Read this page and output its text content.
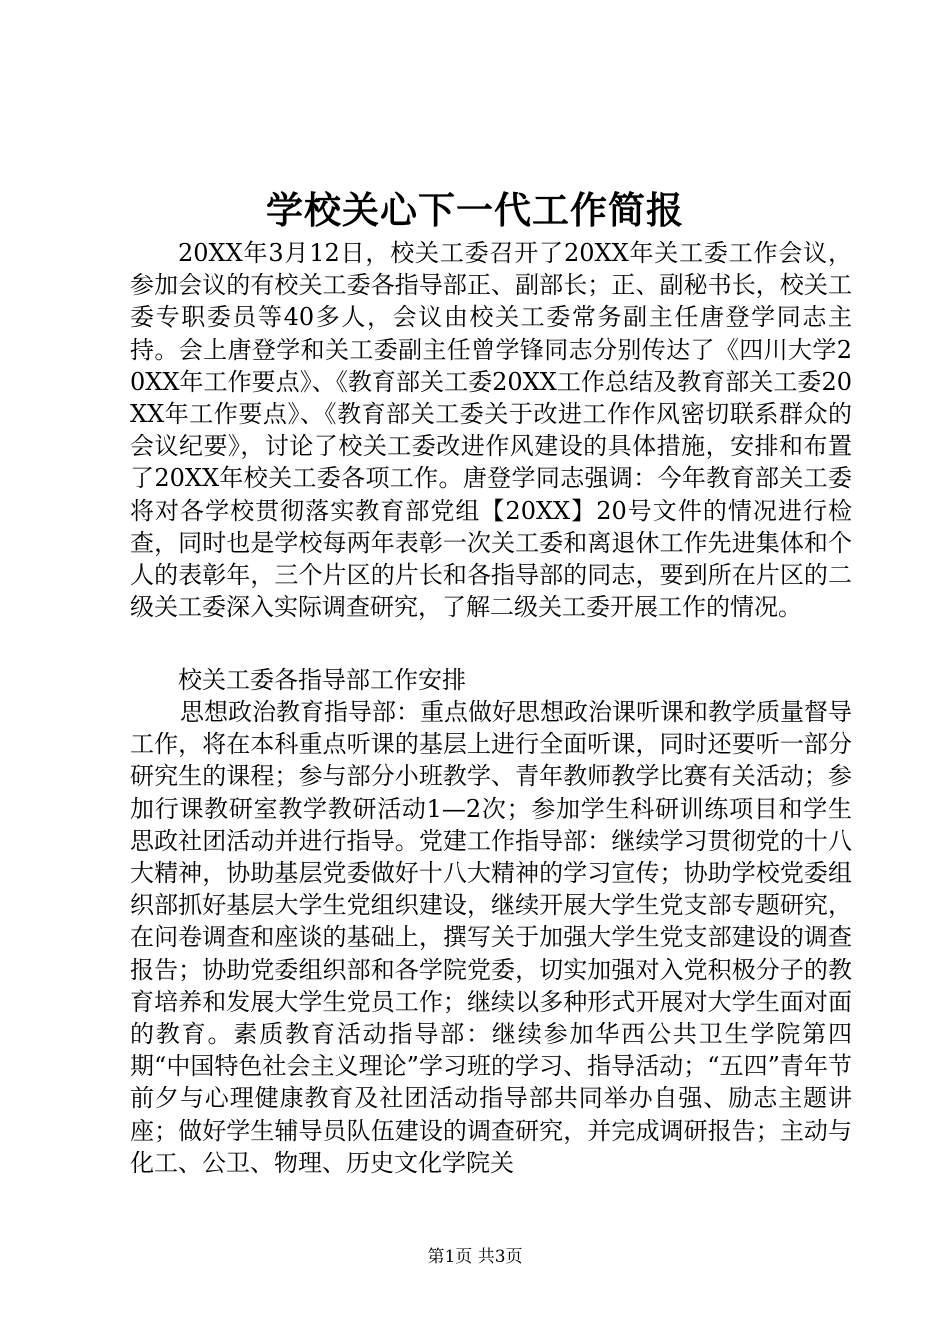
学校关心下一代工作简报
20XX年3月12日，校关工委召开了20XX年关工委工作会议，参加会议的有校关工委各指导部正、副部长；正、副秘书长，校关工委专职委员等40多人，会议由校关工委常务副主任唐登学同志主持。会上唐登学和关工委副主任曾学锋同志分别传达了《四川大学20XX年工作要点》、《教育部关工委20XX工作总结及教育部关工委20XX年工作要点》、《教育部关工委关于改进工作作风密切联系群众的会议纪要》，讨论了校关工委改进作风建设的具体措施，安排和布置了20XX年校关工委各项工作。唐登学同志强调：今年教育部关工委将对各学校贯彻落实教育部党组【20XX】20号文件的情况进行检查，同时也是学校每两年表彰一次关工委和离退休工作先进集体和个人的表彰年，三个片区的片长和各指导部的同志，要到所在片区的二级关工委深入实际调查研究，了解二级关工委开展工作的情况。
校关工委各指导部工作安排
思想政治教育指导部：重点做好思想政治课听课和教学质量督导工作，将在本科重点听课的基层上进行全面听课，同时还要听一部分研究生的课程；参与部分小班教学、青年教师教学比赛有关活动；参加行课教研室教学教研活动1—2次；参加学生科研训练项目和学生思政社团活动并进行指导。党建工作指导部：继续学习贯彻党的十八大精神，协助基层党委做好十八大精神的学习宣传；协助学校党委组织部抓好基层大学生党组织建设，继续开展大学生党支部专题研究，在问卷调查和座谈的基础上，撰写关于加强大学生党支部建设的调查报告；协助党委组织部和各学院党委，切实加强对入党积极分子的教育培养和发展大学生党员工作；继续以多种形式开展对大学生面对面的教育。素质教育活动指导部：继续参加华西公共卫生学院第四期“中国特色社会主义理论”学习班的学习、指导活动；“五四”青年节前夕与心理健康教育及社团活动指导部共同举办自强、励志主题讲座；做好学生辅导员队伍建设的调查研究，并完成调研报告；主动与化工、公卫、物理、历史文化学院关
第1页 共3页
